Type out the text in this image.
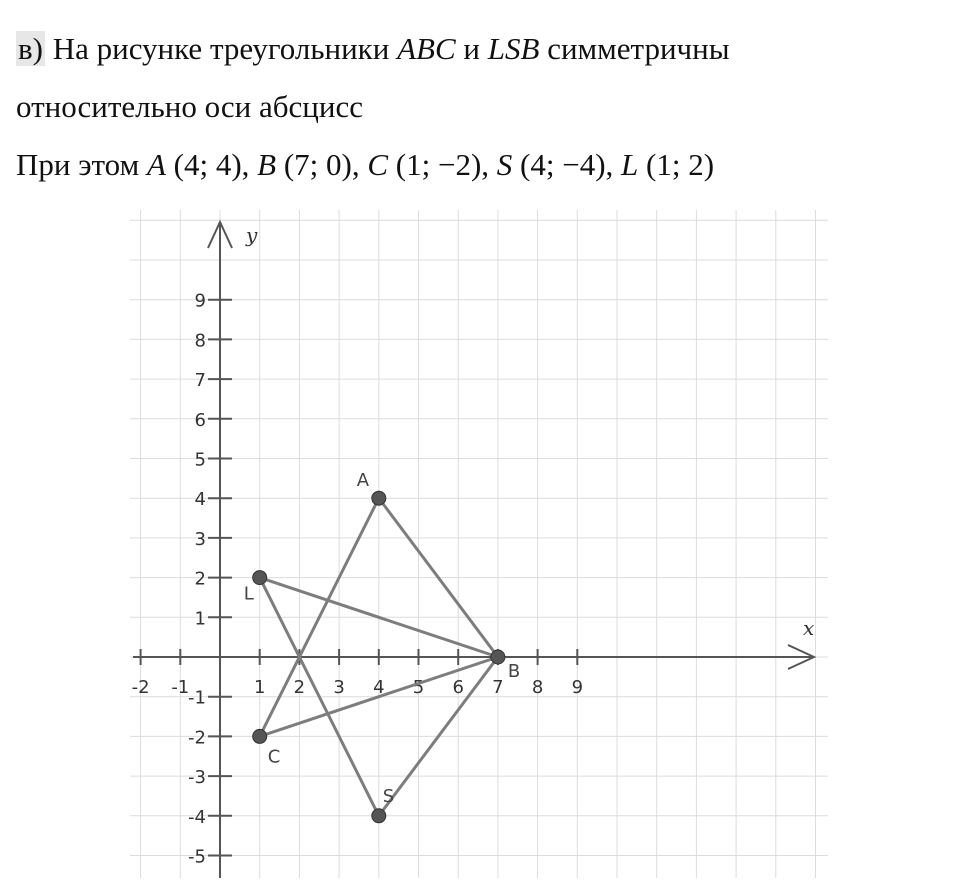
в) На рисунке треугольники ABC и LSB симметричны
относительно оси абсцисс
При этом A (4; 4), B (7; 0), C (1; −2), S (4; −4), L (1; 2)
x
y
-2 -1	1 2 3 4 5 6 7 8 9
9
8
7
6
5
4
3
2
1
-1
-2
-3
-4
-5
A
B
C
S
L
